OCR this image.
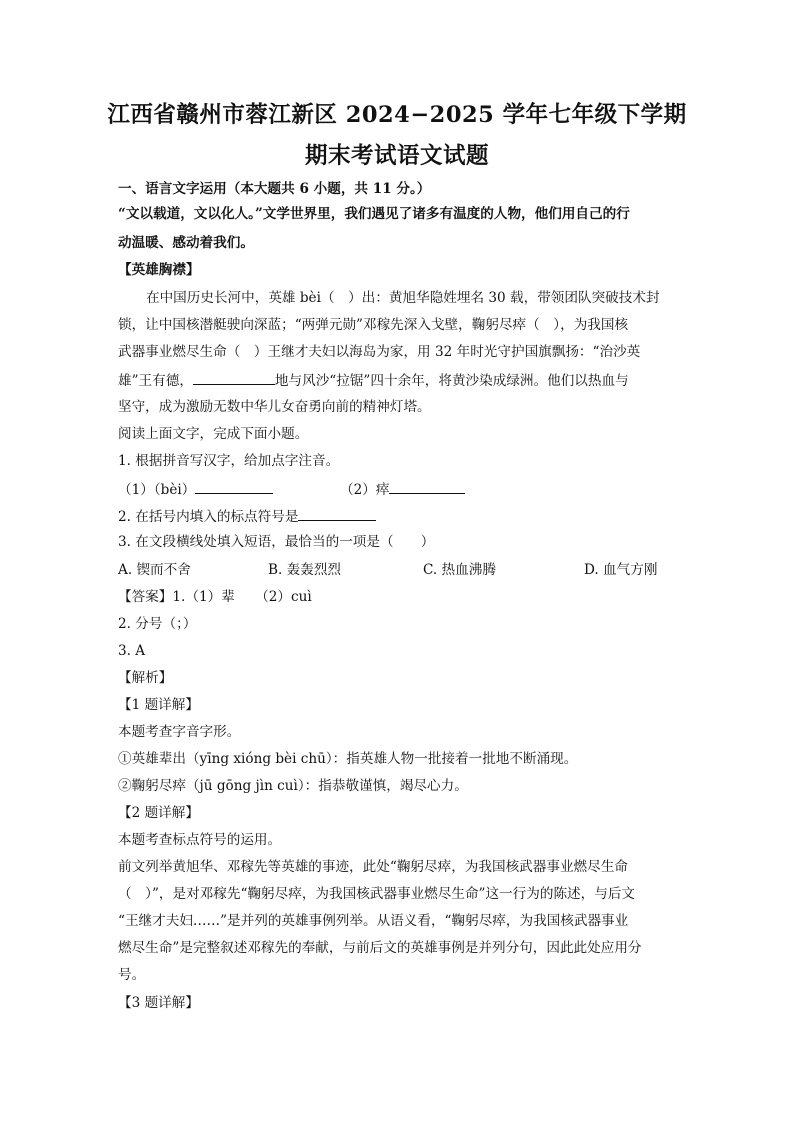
江西省赣州市蓉江新区 2024−2025 学年七年级下学期
期末考试语文试题
一、语言文字运用（本大题共 6 小题，共 11 分。）
“文以载道，文以化人。”文学世界里，我们遇见了诸多有温度的人物，他们用自己的行
动温暖、感动着我们。
【英雄胸襟】
在中国历史长河中，英雄 bèi（　）出：黄旭华隐姓埋名 30 载，带领团队突破技术封
锁，让中国核潜艇驶向深蓝；“两弹元勋”邓稼先深入戈壁，鞠躬尽瘁（　），为我国核
武器事业燃尽生命（　）王继才夫妇以海岛为家，用 32 年时光守护国旗飘扬：“治沙英
雄”王有德，	地与风沙“拉锯”四十余年，将黄沙染成绿洲。他们以热血与
坚守，成为激励无数中华儿女奋勇向前的精神灯塔。
阅读上面文字，完成下面小题。
1. 根据拼音写汉字，给加点字注音。
（1）（bèi）	（2）瘁
2. 在括号内填入的标点符号是
3. 在文段横线处填入短语，最恰当的一项是（　　）
A. 锲而不舍	B. 轰轰烈烈	C. 热血沸腾	D. 血气方刚
【答案】1.（1）辈　　（2）cuì
2. 分号（；）
3. A
【解析】
【1 题详解】
本题考查字音字形。
①英雄辈出（yīng xióng bèi chū）：指英雄人物一批接着一批地不断涌现。
②鞠躬尽瘁（jū gōng jìn cuì）：指恭敬谨慎，竭尽心力。
【2 题详解】
本题考查标点符号的运用。
前文列举黄旭华、邓稼先等英雄的事迹，此处“鞠躬尽瘁，为我国核武器事业燃尽生命
（　）”，是对邓稼先“鞠躬尽瘁，为我国核武器事业燃尽生命”这一行为的陈述，与后文
“王继才夫妇……”是并列的英雄事例列举。从语义看，“鞠躬尽瘁，为我国核武器事业
燃尽生命”是完整叙述邓稼先的奉献，与前后文的英雄事例是并列分句，因此此处应用分
号。
【3 题详解】
